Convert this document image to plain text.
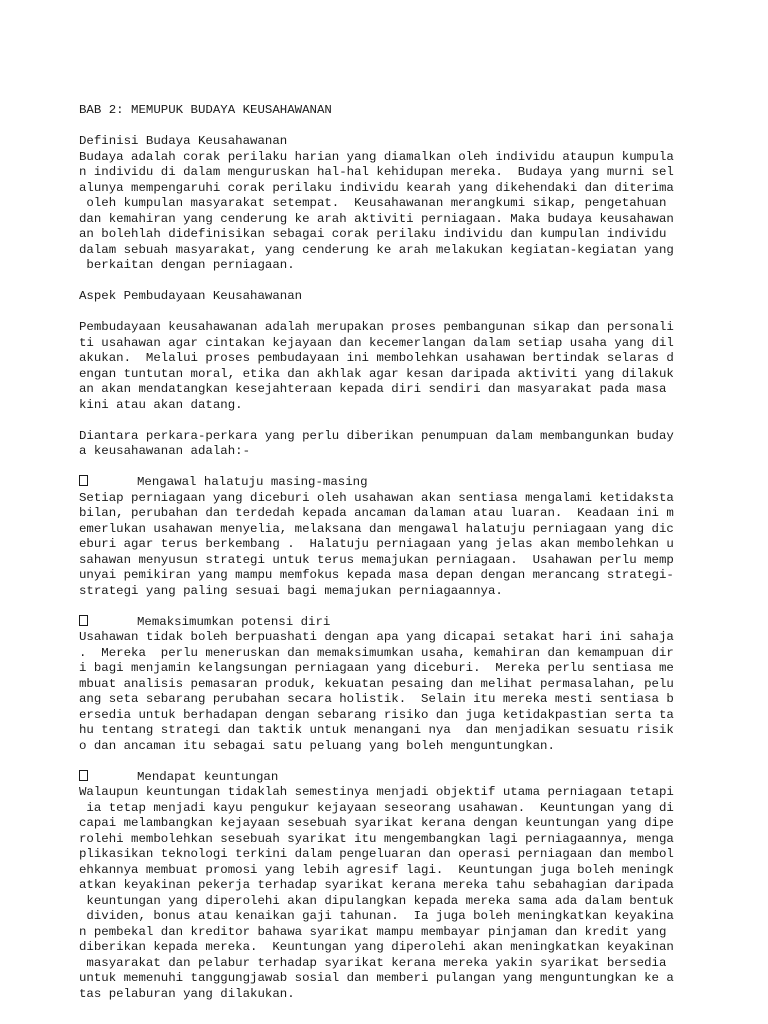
BAB 2: MEMUPUK BUDAYA KEUSAHAWANAN
Definisi Budaya Keusahawanan
Budaya adalah corak perilaku harian yang diamalkan oleh individu ataupun kumpula
n individu di dalam menguruskan hal-hal kehidupan mereka.  Budaya yang murni sel
alunya mempengaruhi corak perilaku individu kearah yang dikehendaki dan diterima
oleh kumpulan masyarakat setempat.  Keusahawanan merangkumi sikap, pengetahuan
dan kemahiran yang cenderung ke arah aktiviti perniagaan. Maka budaya keusahawan
an bolehlah didefinisikan sebagai corak perilaku individu dan kumpulan individu
dalam sebuah masyarakat, yang cenderung ke arah melakukan kegiatan-kegiatan yang
berkaitan dengan perniagaan.
Aspek Pembudayaan Keusahawanan
Pembudayaan keusahawanan adalah merupakan proses pembangunan sikap dan personali
ti usahawan agar cintakan kejayaan dan kecemerlangan dalam setiap usaha yang dil
akukan.  Melalui proses pembudayaan ini membolehkan usahawan bertindak selaras d
engan tuntutan moral, etika dan akhlak agar kesan daripada aktiviti yang dilakuk
an akan mendatangkan kesejahteraan kepada diri sendiri dan masyarakat pada masa
kini atau akan datang.
Diantara perkara-perkara yang perlu diberikan penumpuan dalam membangunkan buday
a keusahawanan adalah:-
Mengawal halatuju masing-masing
Setiap perniagaan yang diceburi oleh usahawan akan sentiasa mengalami ketidaksta
bilan, perubahan dan terdedah kepada ancaman dalaman atau luaran.  Keadaan ini m
emerlukan usahawan menyelia, melaksana dan mengawal halatuju perniagaan yang dic
eburi agar terus berkembang .  Halatuju perniagaan yang jelas akan membolehkan u
sahawan menyusun strategi untuk terus memajukan perniagaan.  Usahawan perlu memp
unyai pemikiran yang mampu memfokus kepada masa depan dengan merancang strategi-
strategi yang paling sesuai bagi memajukan perniagaannya.
Memaksimumkan potensi diri
Usahawan tidak boleh berpuashati dengan apa yang dicapai setakat hari ini sahaja
.  Mereka  perlu meneruskan dan memaksimumkan usaha, kemahiran dan kemampuan dir
i bagi menjamin kelangsungan perniagaan yang diceburi.  Mereka perlu sentiasa me
mbuat analisis pemasaran produk, kekuatan pesaing dan melihat permasalahan, pelu
ang seta sebarang perubahan secara holistik.  Selain itu mereka mesti sentiasa b
ersedia untuk berhadapan dengan sebarang risiko dan juga ketidakpastian serta ta
hu tentang strategi dan taktik untuk menangani nya  dan menjadikan sesuatu risik
o dan ancaman itu sebagai satu peluang yang boleh menguntungkan.
Mendapat keuntungan
Walaupun keuntungan tidaklah semestinya menjadi objektif utama perniagaan tetapi
ia tetap menjadi kayu pengukur kejayaan seseorang usahawan.  Keuntungan yang di
capai melambangkan kejayaan sesebuah syarikat kerana dengan keuntungan yang dipe
rolehi membolehkan sesebuah syarikat itu mengembangkan lagi perniagaannya, menga
plikasikan teknologi terkini dalam pengeluaran dan operasi perniagaan dan membol
ehkannya membuat promosi yang lebih agresif lagi.  Keuntungan juga boleh meningk
atkan keyakinan pekerja terhadap syarikat kerana mereka tahu sebahagian daripada
keuntungan yang diperolehi akan dipulangkan kepada mereka sama ada dalam bentuk
dividen, bonus atau kenaikan gaji tahunan.  Ia juga boleh meningkatkan keyakina
n pembekal dan kreditor bahawa syarikat mampu membayar pinjaman dan kredit yang
diberikan kepada mereka.  Keuntungan yang diperolehi akan meningkatkan keyakinan
masyarakat dan pelabur terhadap syarikat kerana mereka yakin syarikat bersedia
untuk memenuhi tanggungjawab sosial dan memberi pulangan yang menguntungkan ke a
tas pelaburan yang dilakukan.
